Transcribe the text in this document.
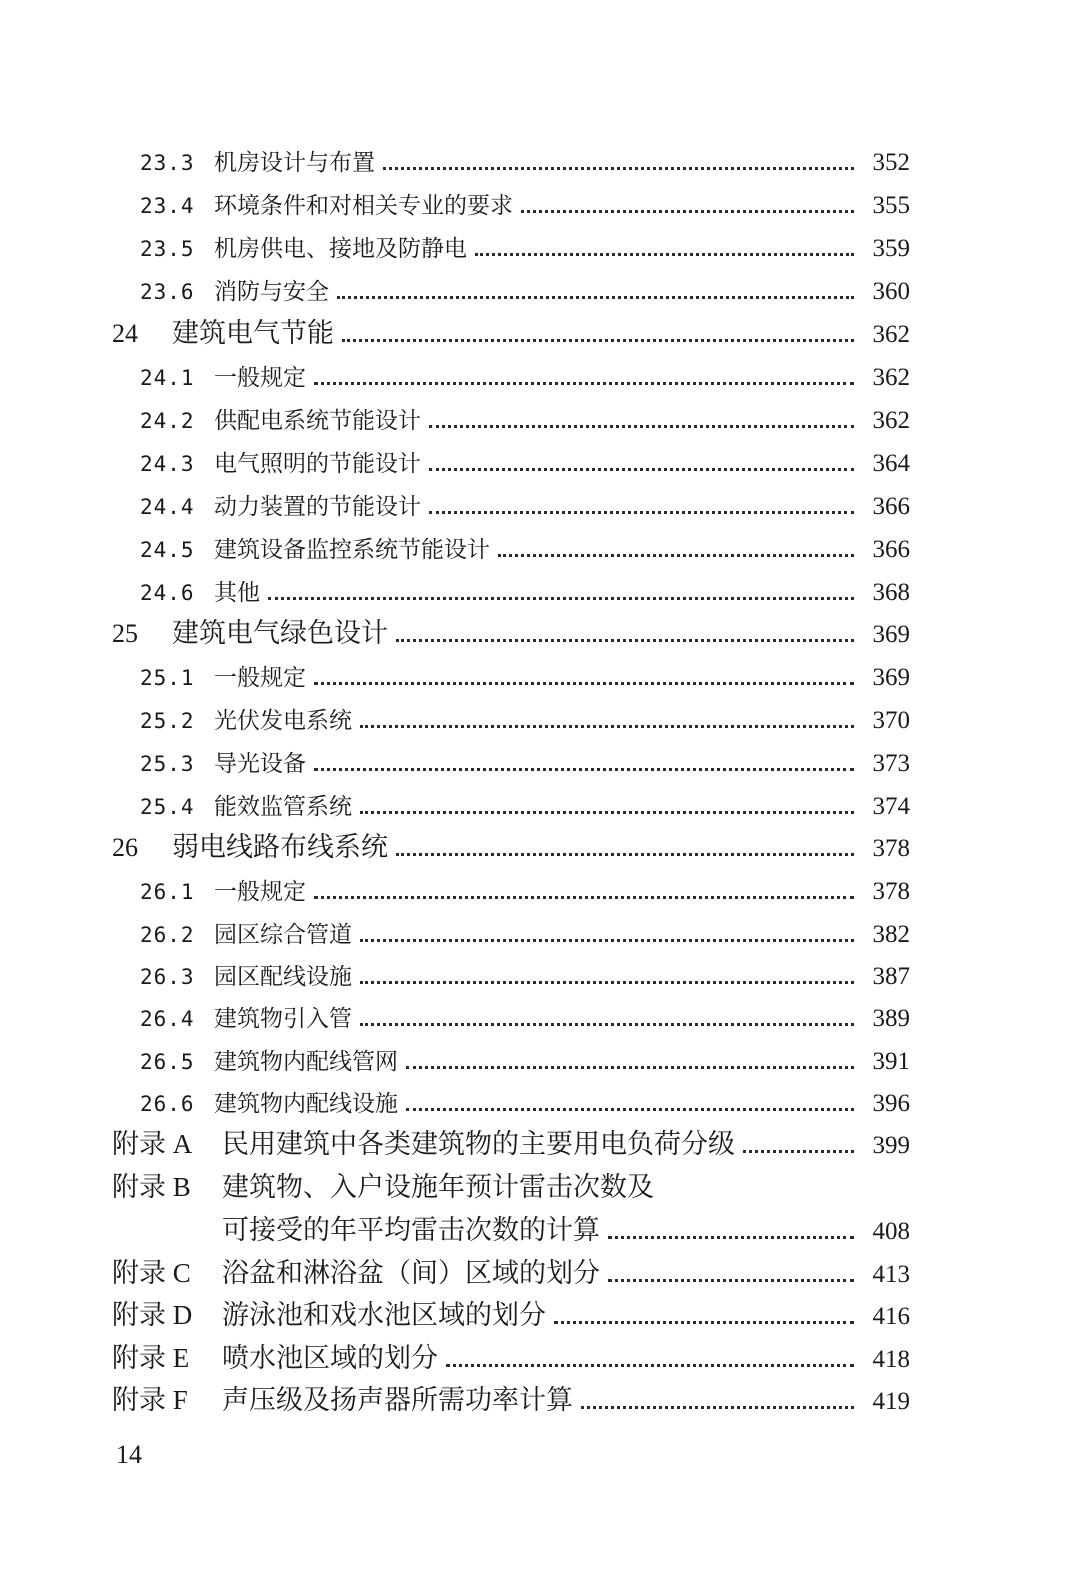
23.3 机房设计与布置	352
23.4 环境条件和对相关专业的要求	355
23.5 机房供电、接地及防静电	359
23.6 消防与安全	360
24	建筑电气节能	362
24.1 一般规定	362
24.2 供配电系统节能设计	362
24.3 电气照明的节能设计	364
24.4 动力装置的节能设计	366
24.5 建筑设备监控系统节能设计	366
24.6 其他	368
25	建筑电气绿色设计	369
25.1 一般规定	369
25.2 光伏发电系统	370
25.3 导光设备	373
25.4 能效监管系统	374
26	弱电线路布线系统	378
26.1 一般规定	378
26.2 园区综合管道	382
26.3 园区配线设施	387
26.4 建筑物引入管	389
26.5 建筑物内配线管网	391
26.6 建筑物内配线设施	396
附录 A	民用建筑中各类建筑物的主要用电负荷分级	399
附录 B	建筑物、入户设施年预计雷击次数及
可接受的年平均雷击次数的计算	408
附录 C	浴盆和淋浴盆（间）区域的划分	413
附录 D	游泳池和戏水池区域的划分	416
附录 E	喷水池区域的划分	418
附录 F	声压级及扬声器所需功率计算	419
14
